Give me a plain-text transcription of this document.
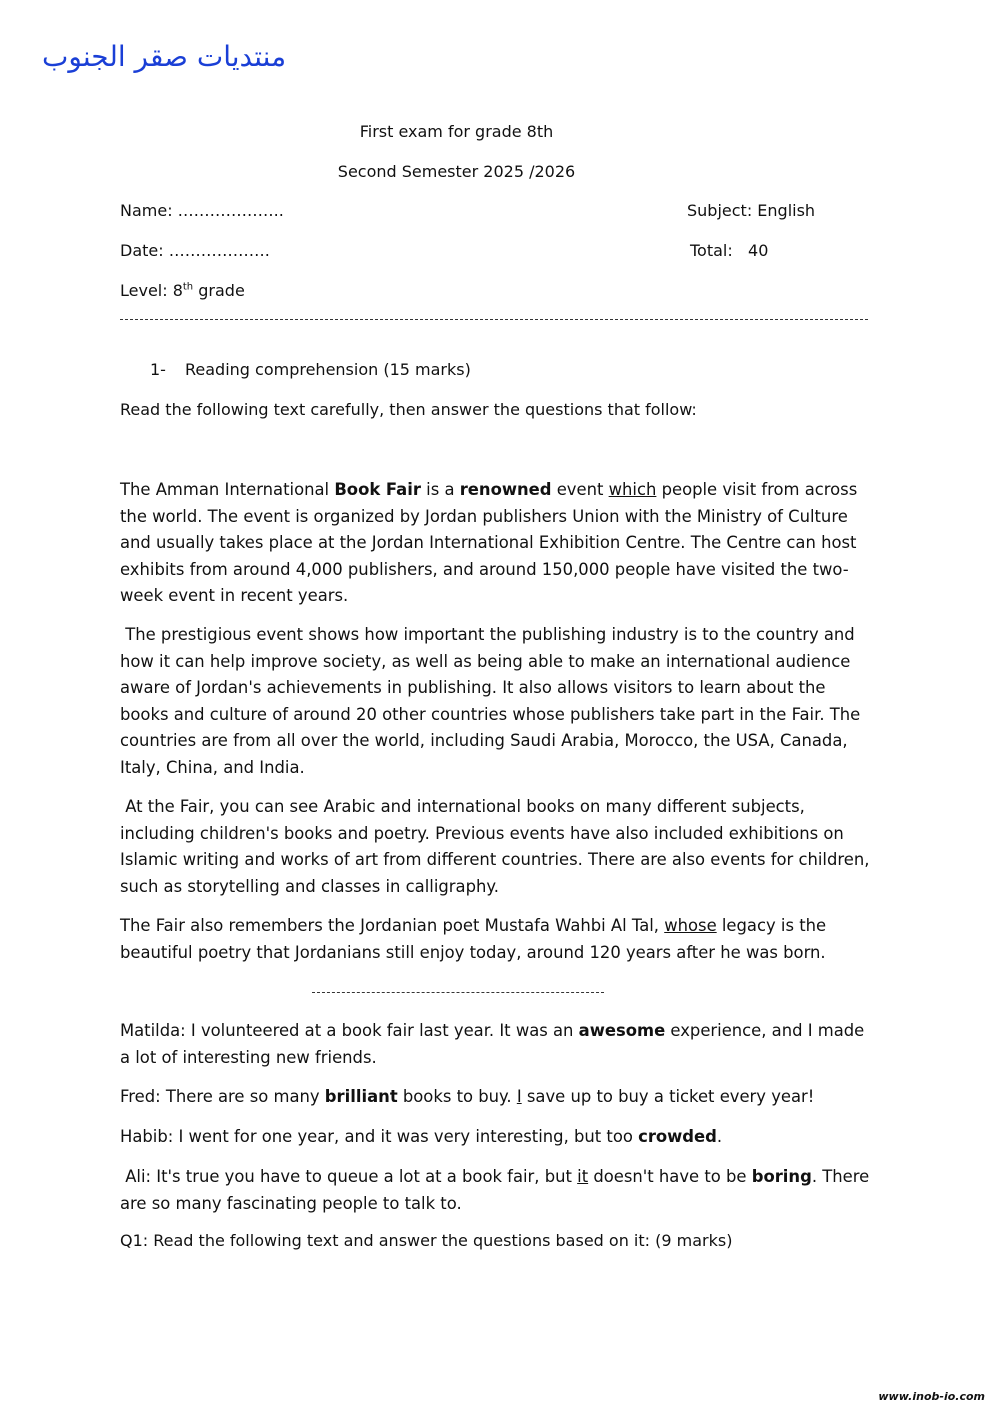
منتديات صقر الجنوب
First exam for grade 8th
Second Semester 2025 /2026
Name: ………………..	Subject: English
Date: ……………….	Total:   40
Level: 8th grade
1- Reading comprehension (15 marks)
Read the following text carefully, then answer the questions that follow:
The Amman International Book Fair is a renowned event which people visit from across the world. The event is organized by Jordan publishers Union with the Ministry of Culture and usually takes place at the Jordan International Exhibition Centre. The Centre can host exhibits from around 4,000 publishers, and around 150,000 people have visited the two-week event in recent years.
The prestigious event shows how important the publishing industry is to the country and how it can help improve society, as well as being able to make an international audience aware of Jordan's achievements in publishing. It also allows visitors to learn about the books and culture of around 20 other countries whose publishers take part in the Fair. The countries are from all over the world, including Saudi Arabia, Morocco, the USA, Canada, Italy, China, and India.
At the Fair, you can see Arabic and international books on many different subjects, including children's books and poetry. Previous events have also included exhibitions on Islamic writing and works of art from different countries. There are also events for children, such as storytelling and classes in calligraphy.
The Fair also remembers the Jordanian poet Mustafa Wahbi Al Tal, whose legacy is the beautiful poetry that Jordanians still enjoy today, around 120 years after he was born.
Matilda: I volunteered at a book fair last year. It was an awesome experience, and I made a lot of interesting new friends.
Fred: There are so many brilliant books to buy. I save up to buy a ticket every year!
Habib: I went for one year, and it was very interesting, but too crowded.
Ali: It's true you have to queue a lot at a book fair, but it doesn't have to be boring. There are so many fascinating people to talk to.
Q1: Read the following text and answer the questions based on it: (9 marks)
www.inob-io.com
